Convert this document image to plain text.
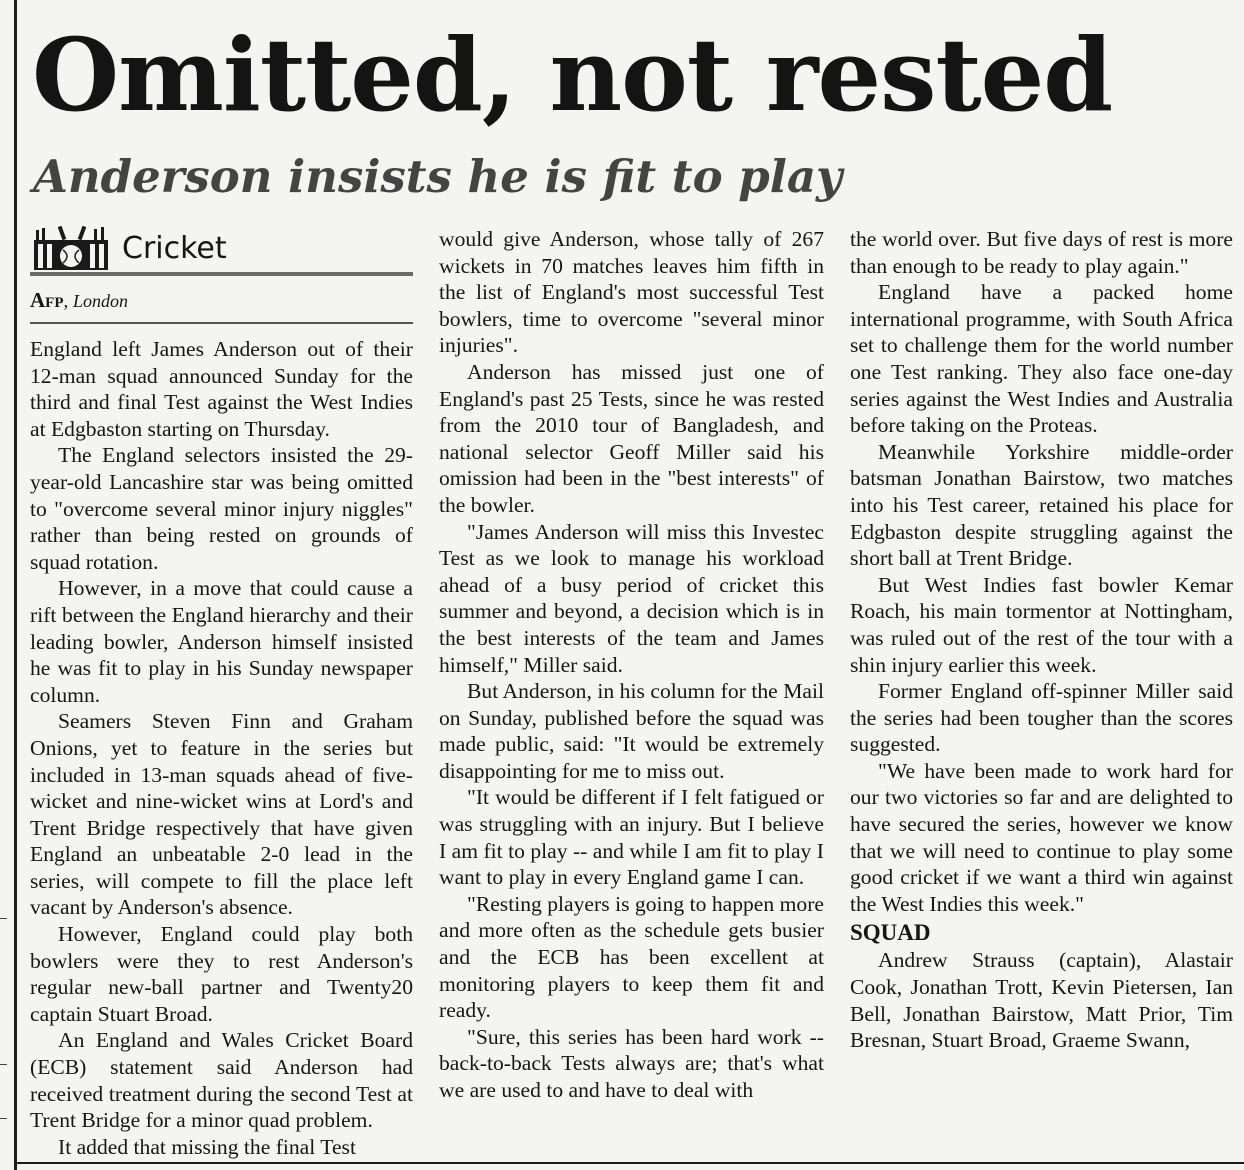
Omitted, not rested
Anderson insists he is fit to play
Cricket
Afp, London

England left James Anderson out of their 12-man squad announced Sunday for the third and final Test against the West Indies at Edgbaston starting on Thursday.

The England selectors insisted the 29-year-old Lancashire star was being omitted to "overcome several minor injury niggles" rather than being rested on grounds of squad rotation.

However, in a move that could cause a rift between the England hierarchy and their leading bowler, Anderson himself insisted he was fit to play in his Sunday newspaper column.

Seamers Steven Finn and Graham Onions, yet to feature in the series but included in 13-man squads ahead of five-wicket and nine-wicket wins at Lord's and Trent Bridge respectively that have given England an unbeatable 2-0 lead in the series, will compete to fill the place left vacant by Anderson's absence.

However, England could play both bowlers were they to rest Anderson's regular new-ball partner and Twenty20 captain Stuart Broad.

An England and Wales Cricket Board (ECB) statement said Anderson had received treatment during the second Test at Trent Bridge for a minor quad problem.

It added that missing the final Test

would give Anderson, whose tally of 267 wickets in 70 matches leaves him fifth in the list of England's most successful Test bowlers, time to overcome "several minor injuries".

Anderson has missed just one of England's past 25 Tests, since he was rested from the 2010 tour of Bangladesh, and national selector Geoff Miller said his omission had been in the "best interests" of the bowler.

"James Anderson will miss this Investec Test as we look to manage his workload ahead of a busy period of cricket this summer and beyond, a decision which is in the best interests of the team and James himself," Miller said.

But Anderson, in his column for the Mail on Sunday, published before the squad was made public, said: "It would be extremely disappointing for me to miss out.

"It would be different if I felt fatigued or was struggling with an injury. But I believe I am fit to play -- and while I am fit to play I want to play in every England game I can.

"Resting players is going to happen more and more often as the schedule gets busier and the ECB has been excellent at monitoring players to keep them fit and ready.

"Sure, this series has been hard work -- back-to-back Tests always are; that's what we are used to and have to deal with

the world over. But five days of rest is more than enough to be ready to play again."

England have a packed home international programme, with South Africa set to challenge them for the world number one Test ranking. They also face one-day series against the West Indies and Australia before taking on the Proteas.

Meanwhile Yorkshire middle-order batsman Jonathan Bairstow, two matches into his Test career, retained his place for Edgbaston despite struggling against the short ball at Trent Bridge.

But West Indies fast bowler Kemar Roach, his main tormentor at Nottingham, was ruled out of the rest of the tour with a shin injury earlier this week.

Former England off-spinner Miller said the series had been tougher than the scores suggested.

"We have been made to work hard for our two victories so far and are delighted to have secured the series, however we know that we will need to continue to play some good cricket if we want a third win against the West Indies this week."

SQUAD

Andrew Strauss (captain), Alastair Cook, Jonathan Trott, Kevin Pietersen, Ian Bell, Jonathan Bairstow, Matt Prior, Tim Bresnan, Stuart Broad, Graeme Swann,
